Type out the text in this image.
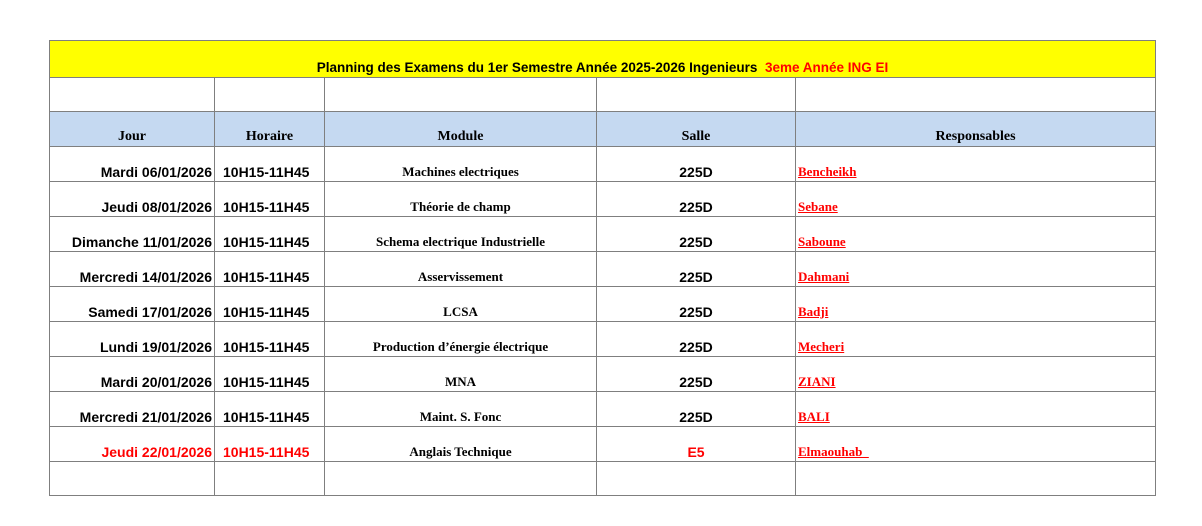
Planning des Examens du 1er Semestre Année 2025-2026 Ingenieurs 3eme Année ING EI				

Jour	Horaire	Module	Salle	Responsables
Mardi 06/01/2026	10H15-11H45	Machines electriques	225D	Bencheikh
Jeudi 08/01/2026	10H15-11H45	Théorie de champ	225D	Sebane
Dimanche 11/01/2026	10H15-11H45	Schema electrique Industrielle	225D	Saboune
Mercredi 14/01/2026	10H15-11H45	Asservissement	225D	Dahmani
Samedi 17/01/2026	10H15-11H45	LCSA	225D	Badji
Lundi 19/01/2026	10H15-11H45	Production d’énergie électrique	225D	Mecheri
Mardi 20/01/2026	10H15-11H45	MNA	225D	ZIANI
Mercredi 21/01/2026	10H15-11H45	Maint. S. Fonc	225D	BALI
Jeudi 22/01/2026	10H15-11H45	Anglais Technique	E5	Elmaouhab
